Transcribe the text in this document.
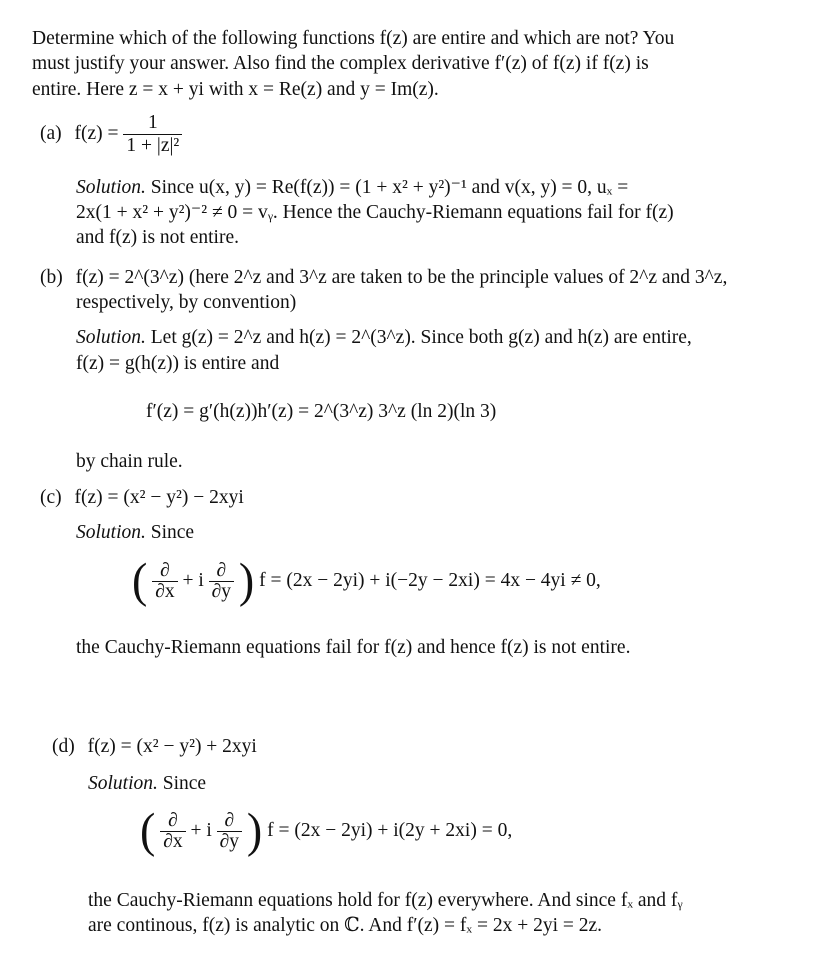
Determine which of the following functions f(z) are entire and which are not? You
must justify your answer. Also find the complex derivative f′(z) of f(z) if f(z) is
entire. Here z = x + yi with x = Re(z) and y = Im(z).
(a) $f(z) = \frac{1}{\text{1 + |z|²}}$
Solution. Since u(x, y) = Re(f(z)) = (1 + x² + y²)⁻¹ and v(x, y) = 0, uₓ =
2x(1 + x² + y²)⁻² ≠ 0 = vᵧ. Hence the Cauchy-Riemann equations fail for f(z)
and f(z) is not entire.
(b) f(z) = 2^(3^z) (here 2^z and 3^z are taken to be the principle values of 2^z and 3^z,
respectively, by convention)
Solution. Let g(z) = 2^z and h(z) = 2^(3^z). Since both g(z) and h(z) are entire,
f(z) = g(h(z)) is entire and
f′(z) = g′(h(z))h′(z) = 2^(3^z) 3^z (ln 2)(ln 3)
by chain rule.
(c) f(z) = (x² − y²) − 2xyi
Solution. Since
( $\frac{\partial}{\partial x} + i \frac{\partial}{\partial y}$ ) f = (2x − 2yi) + i(−2y − 2xi) = 4x − 4yi ≠ 0,
the Cauchy-Riemann equations fail for f(z) and hence f(z) is not entire.
(d) f(z) = (x² − y²) + 2xyi
Solution. Since
( $\frac{\partial}{\partial x} + i \frac{\partial}{\partial y}$ ) f = (2x − 2yi) + i(2y + 2xi) = 0,
the Cauchy-Riemann equations hold for f(z) everywhere. And since fₓ and fᵧ
are continous, f(z) is analytic on ℂ. And f′(z) = fₓ = 2x + 2yi = 2z.
